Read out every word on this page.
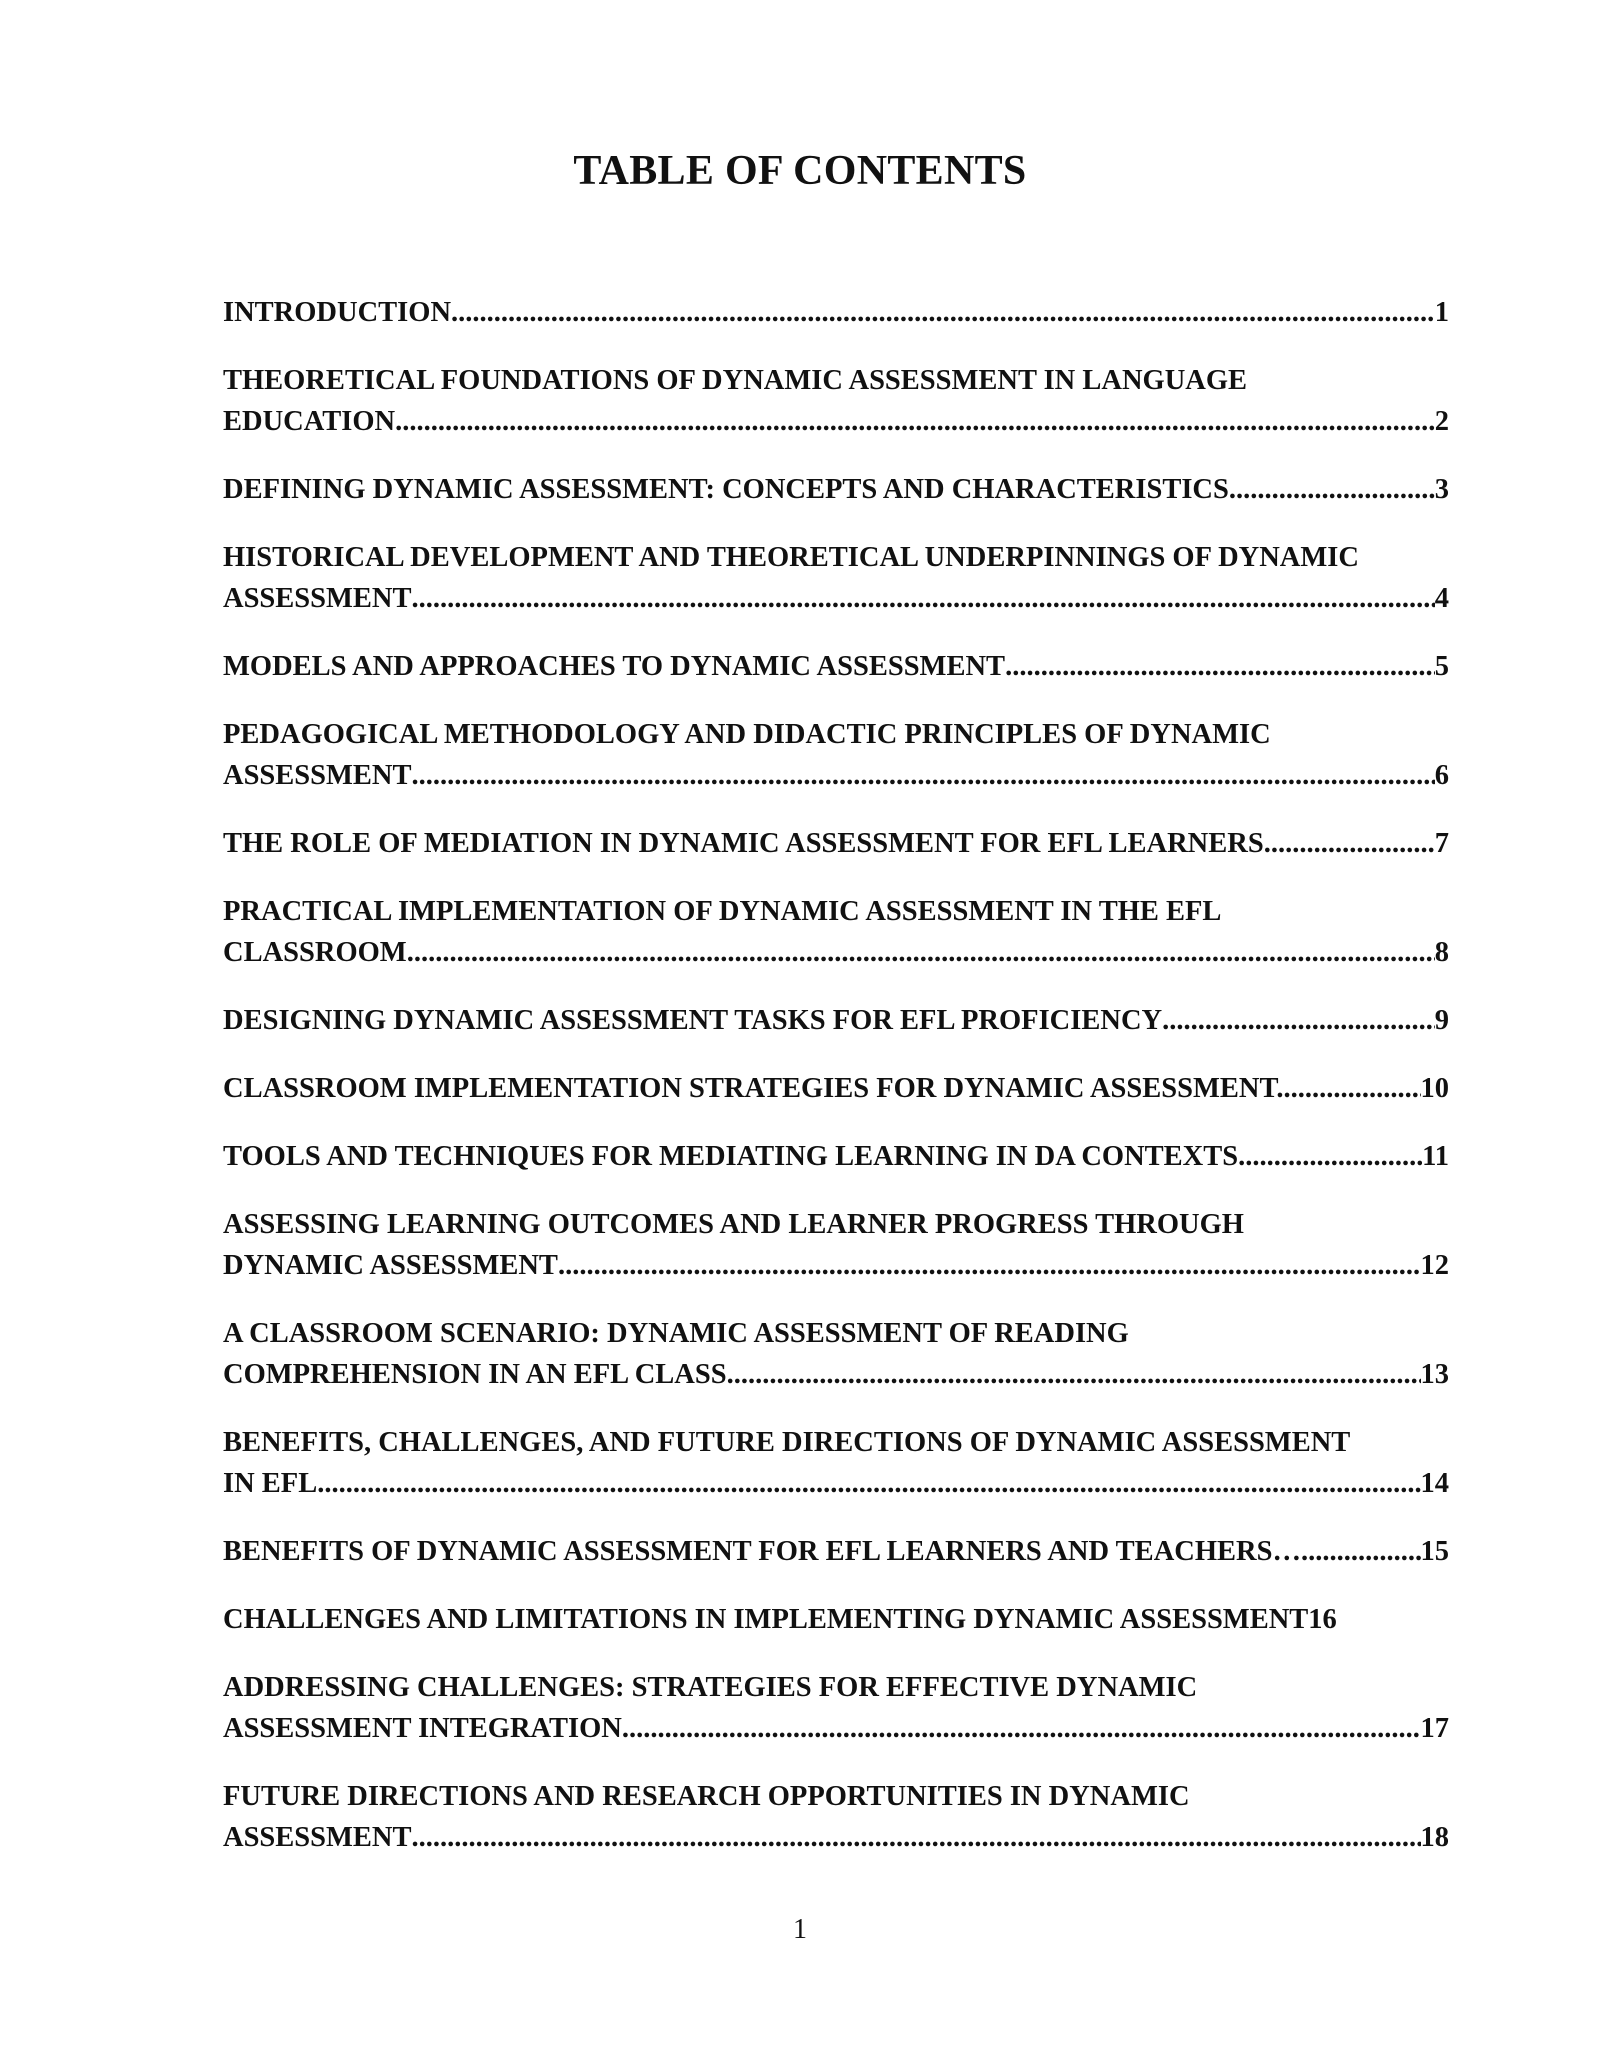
TABLE OF CONTENTS
INTRODUCTION .....	1
THEORETICAL FOUNDATIONS OF DYNAMIC ASSESSMENT IN LANGUAGE
EDUCATION .....	2
DEFINING DYNAMIC ASSESSMENT: CONCEPTS AND CHARACTERISTICS .....	3
HISTORICAL DEVELOPMENT AND THEORETICAL UNDERPINNINGS OF DYNAMIC
ASSESSMENT .....	4
MODELS AND APPROACHES TO DYNAMIC ASSESSMENT .....	5
PEDAGOGICAL METHODOLOGY AND DIDACTIC PRINCIPLES OF DYNAMIC
ASSESSMENT .....	6
THE ROLE OF MEDIATION IN DYNAMIC ASSESSMENT FOR EFL LEARNERS .....	7
PRACTICAL IMPLEMENTATION OF DYNAMIC ASSESSMENT IN THE EFL
CLASSROOM .....	8
DESIGNING DYNAMIC ASSESSMENT TASKS FOR EFL PROFICIENCY .....	9
CLASSROOM IMPLEMENTATION STRATEGIES FOR DYNAMIC ASSESSMENT. .....	10
TOOLS AND TECHNIQUES FOR MEDIATING LEARNING IN DA CONTEXTS .....	11
ASSESSING LEARNING OUTCOMES AND LEARNER PROGRESS THROUGH
DYNAMIC ASSESSMENT .....	12
A CLASSROOM SCENARIO: DYNAMIC ASSESSMENT OF READING
COMPREHENSION IN AN EFL CLASS .....	13
BENEFITS, CHALLENGES, AND FUTURE DIRECTIONS OF DYNAMIC ASSESSMENT
IN EFL .....	14
BENEFITS OF DYNAMIC ASSESSMENT FOR EFL LEARNERS AND TEACHERS… .....	15
CHALLENGES AND LIMITATIONS IN IMPLEMENTING DYNAMIC ASSESSMENT 16
ADDRESSING CHALLENGES: STRATEGIES FOR EFFECTIVE DYNAMIC
ASSESSMENT INTEGRATION .....	17
FUTURE DIRECTIONS AND RESEARCH OPPORTUNITIES IN DYNAMIC
ASSESSMENT .....	18
1
